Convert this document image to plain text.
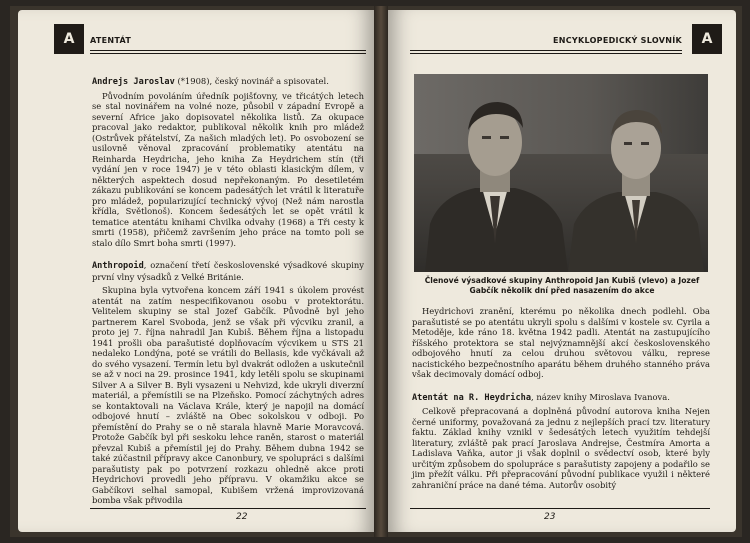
A	ATENTÁT

Andrejs Jaroslav (*1908), český novinář a spisovatel.

Původním povoláním úředník pojišťovny, ve třicátých letech se stal novinářem na volné noze, působil v západní Evropě a severní Africe jako dopisovatel několika listů. Za okupace pracoval jako redaktor, publikoval několik knih pro mládež (Ostrůvek přátelství, Za našich mladých let). Po osvobození se usilovně věnoval zpracování problematiky atentátu na Reinharda Heydricha, jeho kniha Za Heydrichem stín (tři vydání jen v roce 1947) je v této oblasti klasickým dílem, v některých aspektech dosud nepřekonaným. Po desetiletém zákazu publikování se koncem padesátých let vrátil k literatuře pro mládež, popularizující technický vývoj (Než nám narostla křídla, Světlonoš). Koncem šedesátých let se opět vrátil k tematice atentátu knihami Chvilka odvahy (1968) a Tři cesty k smrti (1958), přičemž završením jeho práce na tomto poli se stalo dílo Smrt boha smrti (1997).

Anthropoid, označení třetí československé výsadkové skupiny první vlny výsadků z Velké Británie.

Skupina byla vytvořena koncem září 1941 s úkolem provést atentát na zatím nespecifikovanou osobu v protektorátu. Velitelem skupiny se stal Jozef Gabčík. Původně byl jeho partnerem Karel Svoboda, jenž se však při výcviku zranil, a proto jej 7. října nahradil Jan Kubiš. Během října a listopadu 1941 prošli oba parašutisté doplňovacím výcvikem u STS 21 nedaleko Londýna, poté se vrátili do Bellasis, kde vyčkávali až do svého vysazení. Termín letu byl dvakrát odložen a uskutečnil se až v noci na 29. prosince 1941, kdy letěli spolu se skupinami Silver A a Silver B. Byli vysazeni u Nehvizd, kde ukryli diverzní materiál, a přemístili se na Plzeňsko. Pomocí záchytných adres se kontaktovali na Václava Krále, který je napojil na domácí odbojové hnutí – zvláště na Obec sokolskou v odboji. Po přemístění do Prahy se o ně starala hlavně Marie Moravcová. Protože Gabčík byl při seskoku lehce raněn, starost o materiál převzal Kubiš a přemístil jej do Prahy. Během dubna 1942 se také zúčastnil přípravy akce Canonbury, ve spolupráci s dalšími parašutisty pak po potvrzení rozkazu ohledně akce proti Heydrichovi provedli jeho přípravu. V okamžiku akce se Gabčíkovi selhal samopal, Kubišem vržená improvizovaná bomba však přivodila

22
ENCYKLOPEDICKÝ SLOVNÍK	A
Členové výsadkové skupiny Anthropoid Jan Kubiš (vlevo) a Jozef Gabčík několik dní před nasazením do akce

Heydrichovi zranění, kterému po několika dnech podlehl. Oba parašutisté se po atentátu ukryli spolu s dalšími v kostele sv. Cyrila a Metoděje, kde ráno 18. května 1942 padli. Atentát na zastupujícího říšského protektora se stal nejvýznamnější akcí československého odbojového hnutí za celou druhou světovou válku, represe nacistického bezpečnostního aparátu během druhého stanného práva však decimovaly domácí odboj.

Atentát na R. Heydricha, název knihy Miroslava Ivanova.

Celkově přepracovaná a doplněná původní autorova kniha Nejen černé uniformy, považovaná za jednu z nejlepších prací tzv. literatury faktu. Základ knihy vznikl v šedesátých letech využitím tehdejší literatury, zvláště pak prací Jaroslava Andrejse, Čestmíra Amorta a Ladislava Vaňka, autor ji však doplnil o svědectví osob, které byly určitým způsobem do spolupráce s parašutisty zapojeny a podařilo se jim přežít válku. Při přepracování původní publikace využil i některé zahraniční práce na dané téma. Autorův osobitý

23
